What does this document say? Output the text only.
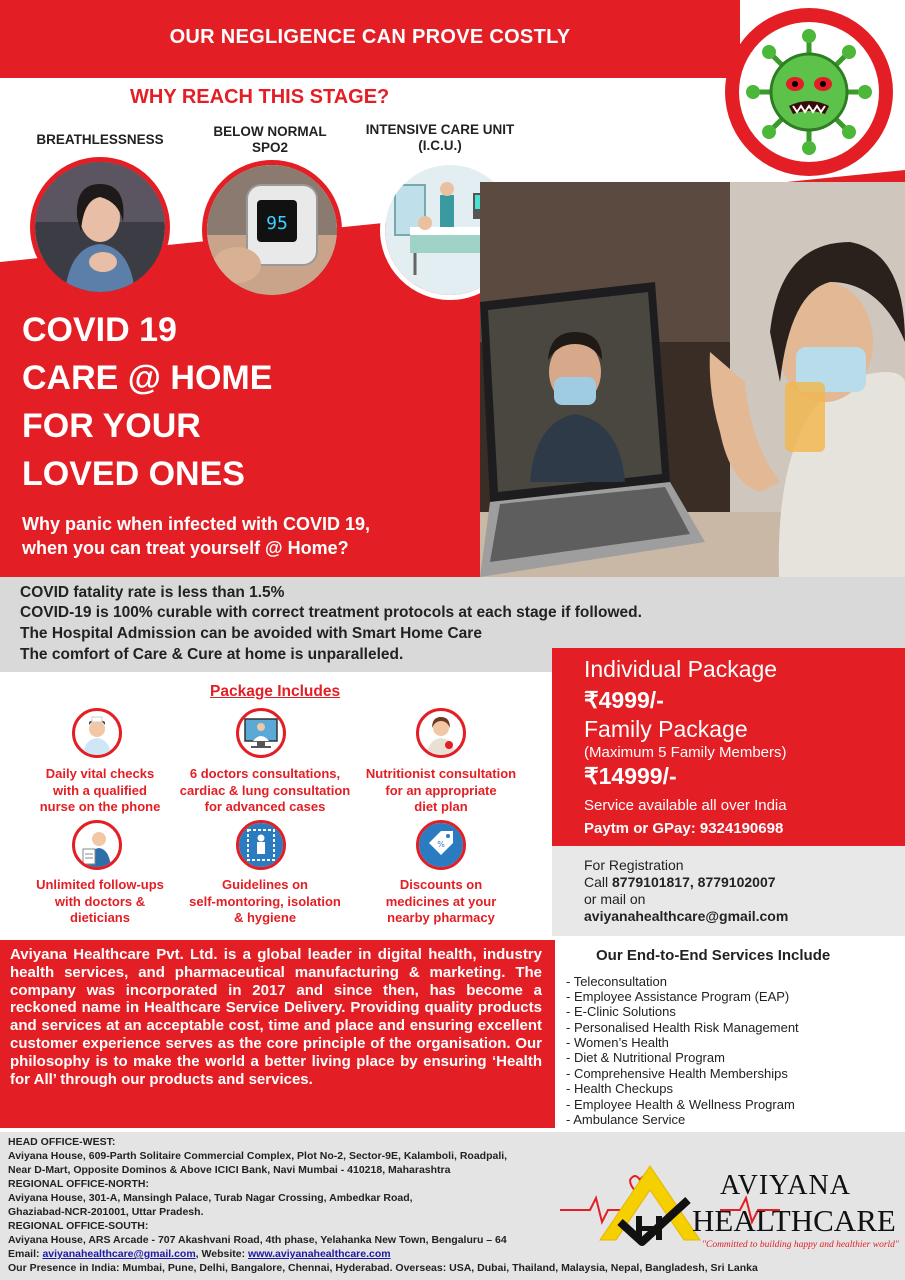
OUR NEGLIGENCE CAN PROVE COSTLY
WHY REACH THIS STAGE?
BREATHLESSNESS
BELOW NORMAL
SPO2
INTENSIVE CARE UNIT
(I.C.U.)
95
COVID 19
CARE @ HOME
FOR YOUR
LOVED ONES
Why panic when infected with COVID 19,
when you can treat yourself @ Home?
COVID fatality rate is less than 1.5%
COVID-19 is 100% curable with correct treatment protocols at each stage if followed.
The Hospital Admission can be avoided with Smart Home Care
The comfort of Care & Cure at home is unparalleled.
Individual Package
₹4999/-
Family Package
(Maximum 5 Family Members)
₹14999/-
Service available all over India
Paytm or GPay: 9324190698
For Registration
Call 8779101817, 8779102007
or mail on
aviyanahealthcare@gmail.com
Package Includes
Daily vital checks
with a qualified
nurse on the phone
6 doctors consultations,
cardiac & lung consultation
for advanced cases
Nutritionist consultation
for an appropriate
diet plan
%
Unlimited follow-ups
with doctors &
dieticians
Guidelines on
self-montoring, isolation
& hygiene
Discounts on
medicines at your
nearby pharmacy
Aviyana Healthcare Pvt. Ltd. is a global leader in digital health, industry health services, and pharmaceutical manufacturing & marketing. The company was incorporated in 2017 and since then, has become a reckoned name in Healthcare Service Delivery. Providing quality products and services at an acceptable cost, time and place and ensuring excellent customer experience serves as the core principle of the organisation. Our philosophy is to make the world a better living place by ensuring ‘Health for All’ through our products and services.
Our End-to-End Services Include
- Teleconsultation
- Employee Assistance Program (EAP)
- E-Clinic Solutions
- Personalised Health Risk Management
- Women’s Health
- Diet & Nutritional Program
- Comprehensive Health Memberships
- Health Checkups
- Employee Health & Wellness Program
- Ambulance Service
HEAD OFFICE-WEST:
Aviyana House, 609-Parth Solitaire Commercial Complex, Plot No-2, Sector-9E, Kalamboli, Roadpali,
Near D-Mart, Opposite Dominos & Above ICICI Bank, Navi Mumbai - 410218, Maharashtra
REGIONAL OFFICE-NORTH:
Aviyana House, 301-A, Mansingh Palace, Turab Nagar Crossing, Ambedkar Road,
Ghaziabad-NCR-201001, Uttar Pradesh.
REGIONAL OFFICE-SOUTH:
Aviyana House, ARS Arcade - 707 Akashvani Road, 4th phase, Yelahanka New Town, Bengaluru – 64
Email: aviyanahealthcare@gmail.com, Website: www.aviyanahealthcare.com
Our Presence in India: Mumbai, Pune, Delhi, Bangalore, Chennai, Hyderabad. Overseas: USA, Dubai, Thailand, Malaysia, Nepal, Bangladesh, Sri Lanka
AVIYANA
HEALTHCARE
"Committed to building happy and healthier world"
